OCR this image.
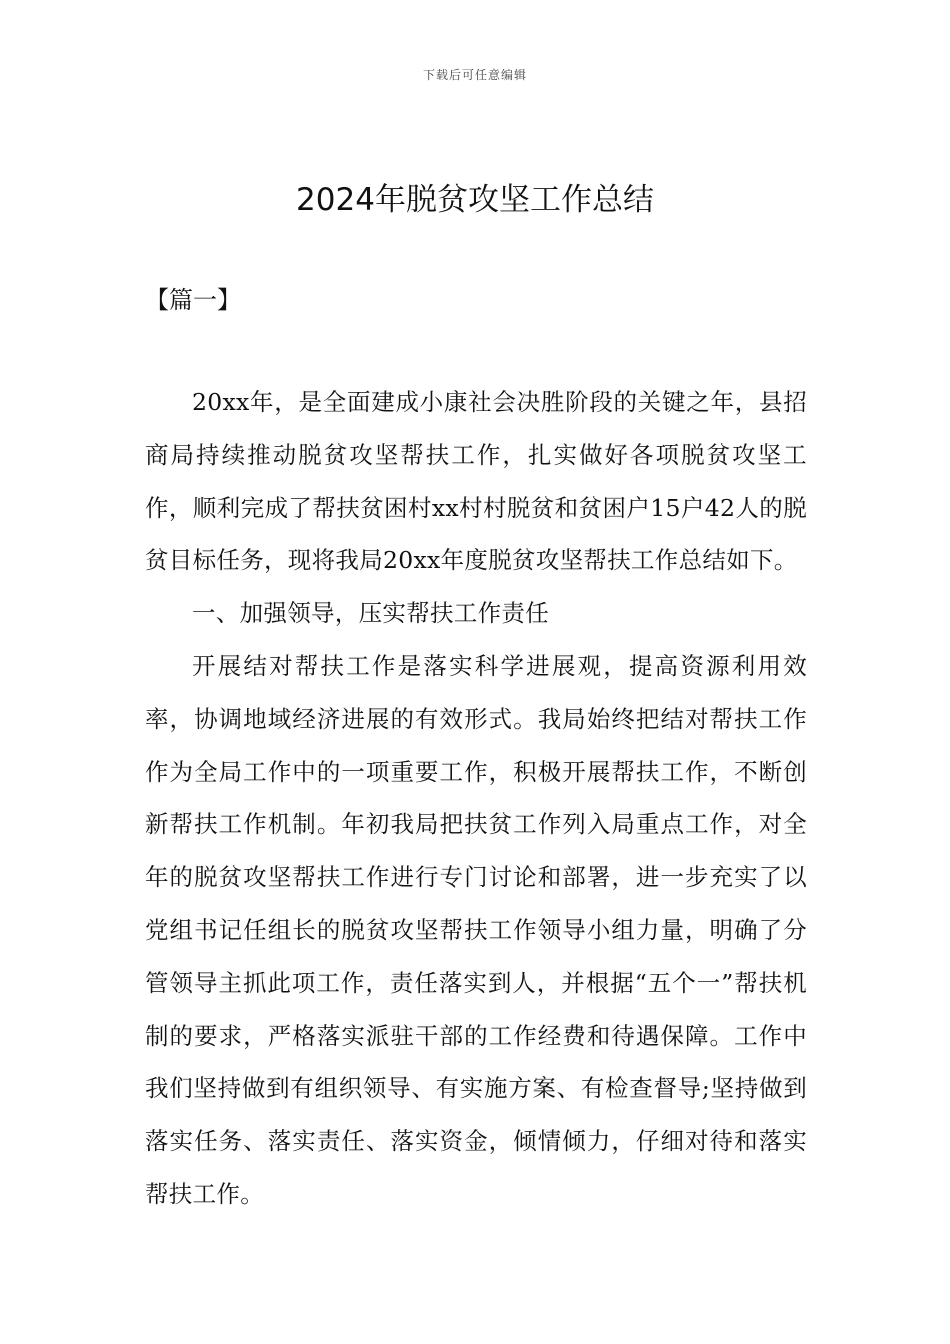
下载后可任意编辑
2024年脱贫攻坚工作总结
【篇一】

20xx年，是全面建成小康社会决胜阶段的关键之年，县招商局持续推动脱贫攻坚帮扶工作，扎实做好各项脱贫攻坚工作，顺利完成了帮扶贫困村xx村村脱贫和贫困户15户42人的脱贫目标任务，现将我局20xx年度脱贫攻坚帮扶工作总结如下。

一、加强领导，压实帮扶工作责任

开展结对帮扶工作是落实科学进展观，提高资源利用效率，协调地域经济进展的有效形式。我局始终把结对帮扶工作作为全局工作中的一项重要工作，积极开展帮扶工作，不断创新帮扶工作机制。年初我局把扶贫工作列入局重点工作，对全年的脱贫攻坚帮扶工作进行专门讨论和部署，进一步充实了以党组书记任组长的脱贫攻坚帮扶工作领导小组力量，明确了分管领导主抓此项工作，责任落实到人，并根据“五个一”帮扶机制的要求，严格落实派驻干部的工作经费和待遇保障。工作中我们坚持做到有组织领导、有实施方案、有检查督导;坚持做到落实任务、落实责任、落实资金，倾情倾力，仔细对待和落实帮扶工作。
